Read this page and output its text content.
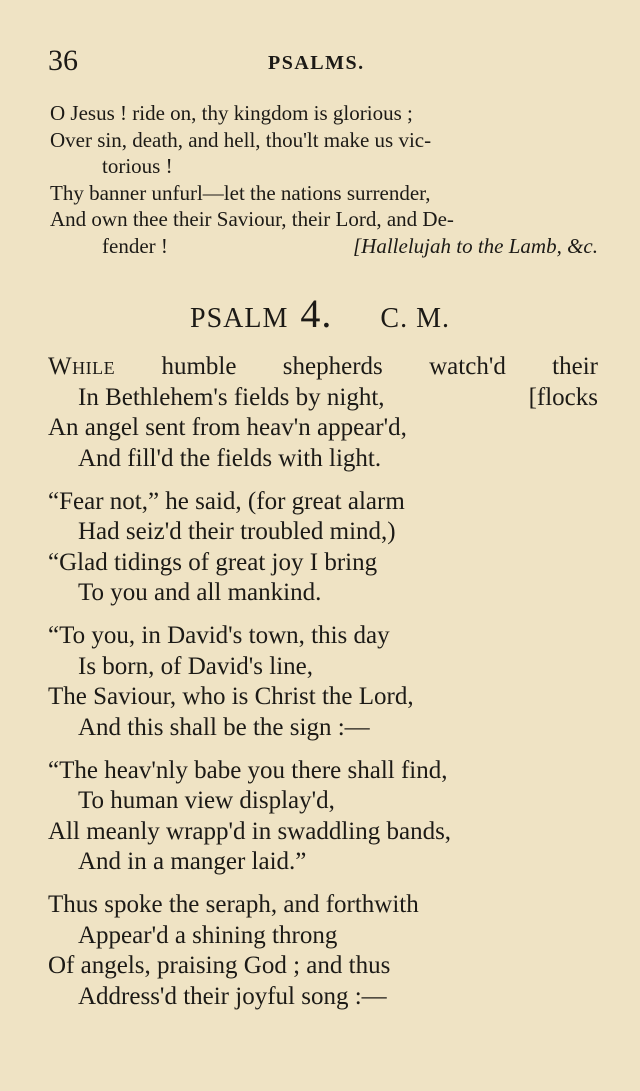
36	PSALMS.
O Jesus ! ride on, thy kingdom is glorious ;
Over sin, death, and hell, thou'lt make us vic-
torious !
Thy banner unfurl—let the nations surrender,
And own thee their Saviour, their Lord, and De-
fender !	[Hallelujah to the Lamb, &c.
PSALM 4. C. M.
While humble shepherds watch'd their
In Bethlehem's fields by night,	[flocks
An angel sent from heav'n appear'd,
And fill'd the fields with light.
“Fear not,” he said, (for great alarm
Had seiz'd their troubled mind,)
“Glad tidings of great joy I bring
To you and all mankind.
“To you, in David's town, this day
Is born, of David's line,
The Saviour, who is Christ the Lord,
And this shall be the sign :—
“The heav'nly babe you there shall find,
To human view display'd,
All meanly wrapp'd in swaddling bands,
And in a manger laid.”
Thus spoke the seraph, and forthwith
Appear'd a shining throng
Of angels, praising God ; and thus
Address'd their joyful song :—
